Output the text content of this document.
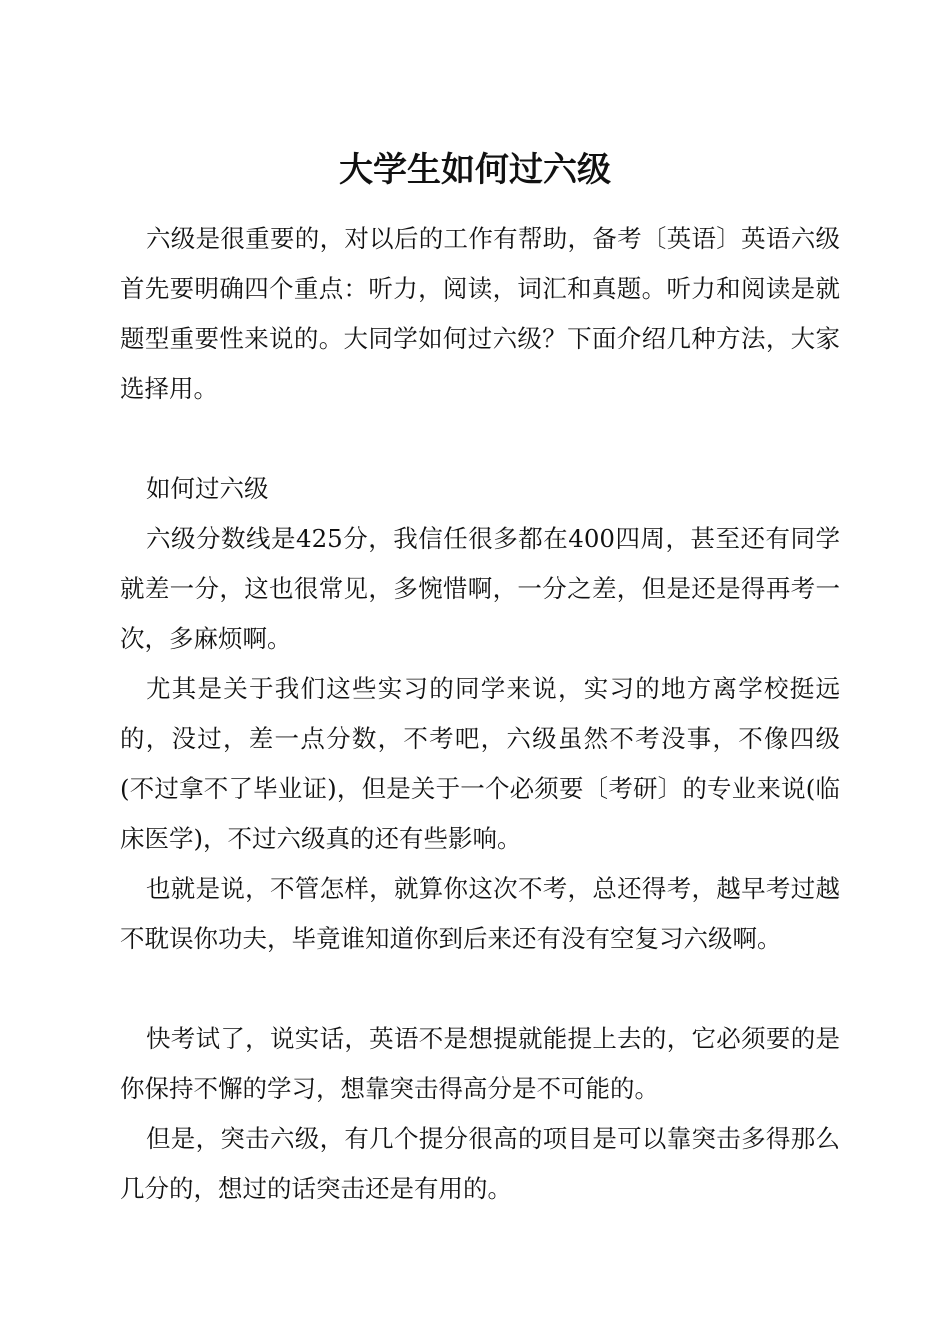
大学生如何过六级

六级是很重要的，对以后的工作有帮助，备考〔英语〕英语六级首先要明确四个重点：听力，阅读，词汇和真题。听力和阅读是就题型重要性来说的。大同学如何过六级？下面介绍几种方法，大家选择用。

如何过六级

六级分数线是425分，我信任很多都在400四周，甚至还有同学就差一分，这也很常见，多惋惜啊，一分之差，但是还是得再考一次，多麻烦啊。

尤其是关于我们这些实习的同学来说，实习的地方离学校挺远的，没过，差一点分数，不考吧，六级虽然不考没事，不像四级(不过拿不了毕业证)，但是关于一个必须要〔考研〕的专业来说(临床医学)，不过六级真的还有些影响。

也就是说，不管怎样，就算你这次不考，总还得考，越早考过越不耽误你功夫，毕竟谁知道你到后来还有没有空复习六级啊。

快考试了，说实话，英语不是想提就能提上去的，它必须要的是你保持不懈的学习，想靠突击得高分是不可能的。

但是，突击六级，有几个提分很高的项目是可以靠突击多得那么几分的，想过的话突击还是有用的。
